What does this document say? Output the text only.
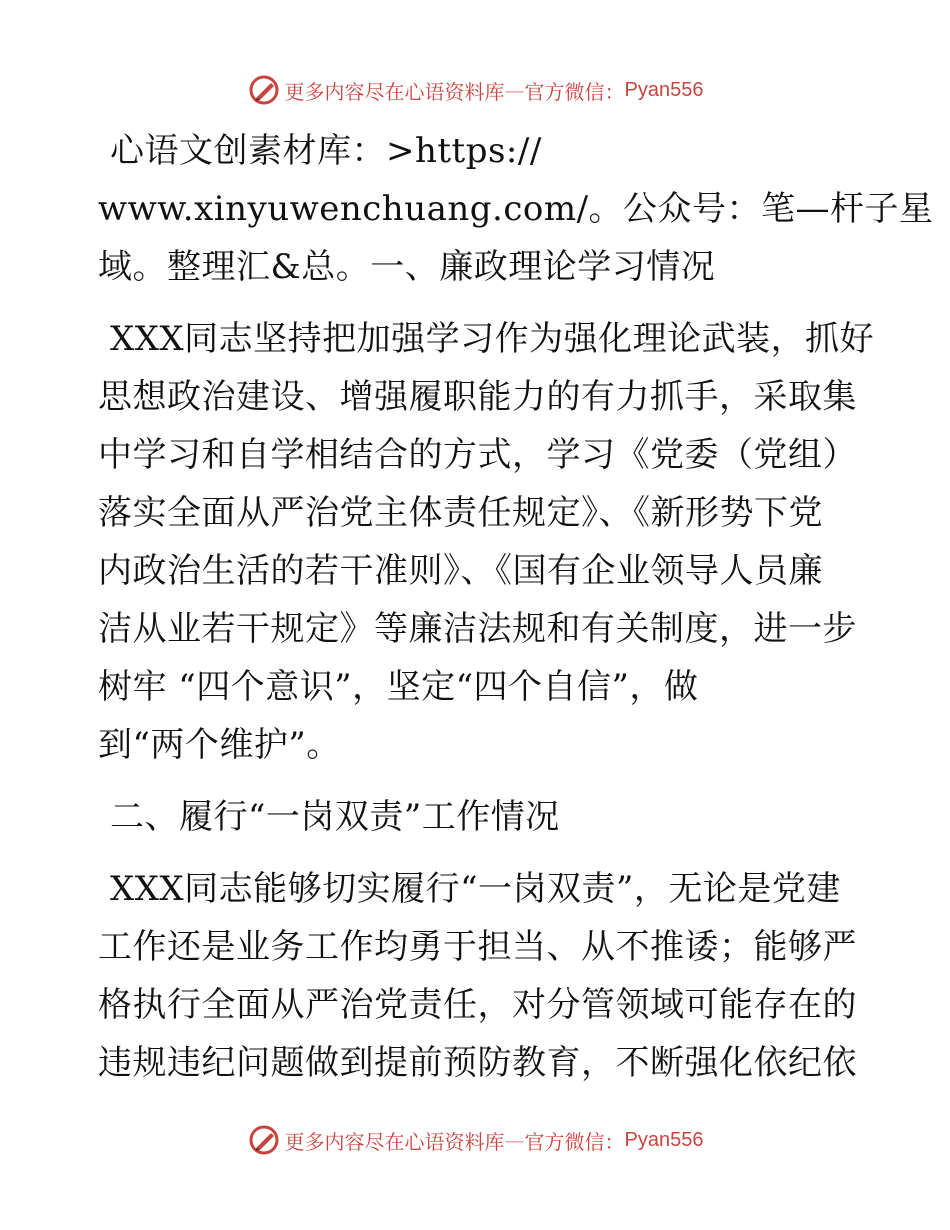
更多内容尽在心语资料库 — 官方微信： Pyan556
心语文创素材库：>https://
www.xinyuwenchuang.com/。公众号：笔—杆子星
域。整理汇&总。一、廉政理论学习情况
XXX同志坚持把加强学习作为强化理论武装，抓好
思想政治建设、增强履职能力的有力抓手，采取集
中学习和自学相结合的方式，学习《党委（党组）
落实全面从严治党主体责任规定》、《新形势下党
内政治生活的若干准则》、《国有企业领导人员廉
洁从业若干规定》等廉洁法规和有关制度，进一步
树牢 “四个意识”，坚定“四个自信”，做
到“两个维护”。
二、履行“一岗双责”工作情况
XXX同志能够切实履行“一岗双责”，无论是党建
工作还是业务工作均勇于担当、从不推诿；能够严
格执行全面从严治党责任，对分管领域可能存在的
违规违纪问题做到提前预防教育，不断强化依纪依
更多内容尽在心语资料库 — 官方微信： Pyan556
